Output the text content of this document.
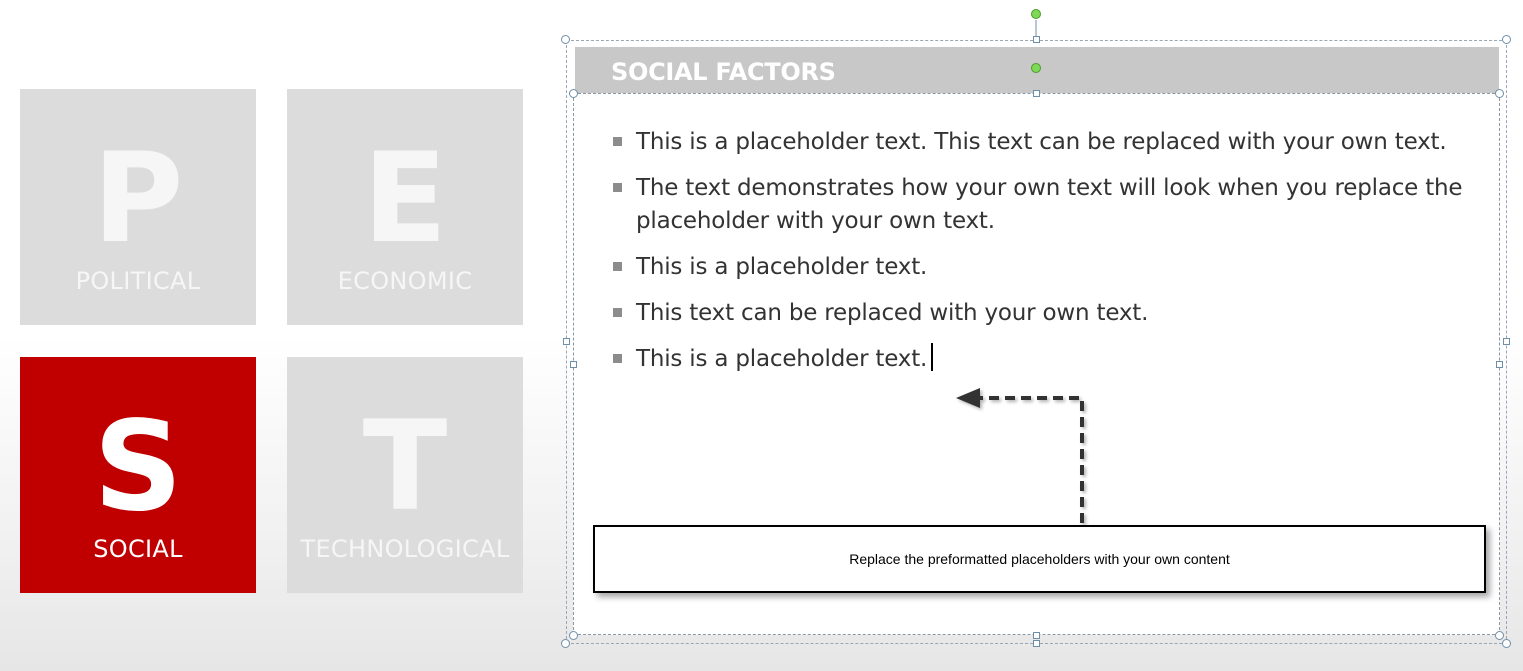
P
POLITICAL
E
ECONOMIC
S
SOCIAL
T
TECHNOLOGICAL
SOCIAL FACTORS
This is a placeholder text. This text can be replaced with your own text.
The text demonstrates how your own text will look when you replace the placeholder with your own text.
This is a placeholder text.
This text can be replaced with your own text.
This is a placeholder text.
Replace the preformatted placeholders with your own content
